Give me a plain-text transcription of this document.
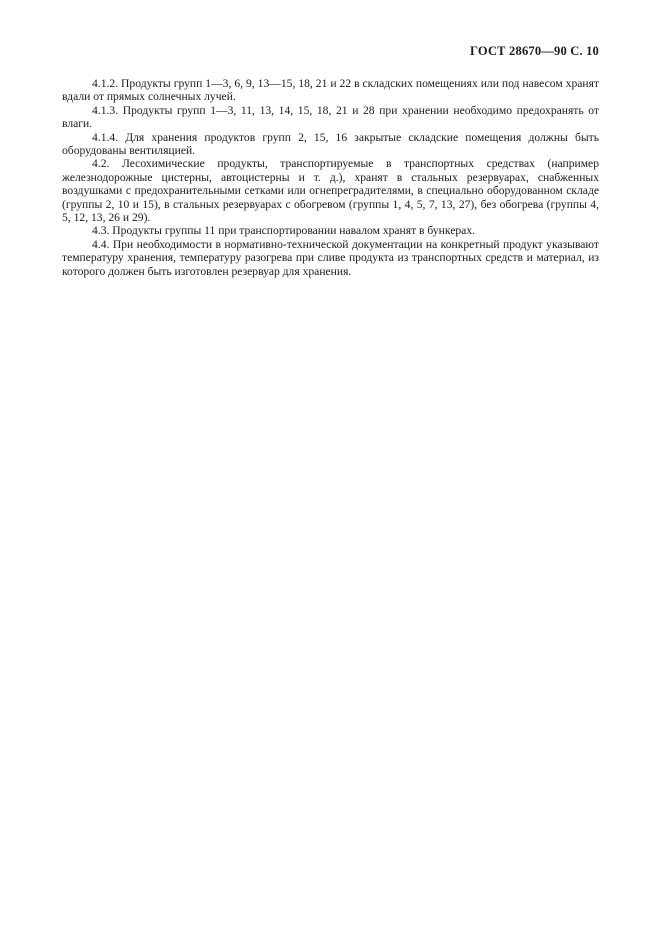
ГОСТ 28670—90 С. 10

4.1.2. Продукты групп 1—3, 6, 9, 13—15, 18, 21 и 22 в складских помещениях или под навесом хранят вдали от прямых солнечных лучей.

4.1.3. Продукты групп 1—3, 11, 13, 14, 15, 18, 21 и 28 при хранении необходимо предохранять от влаги.

4.1.4. Для хранения продуктов групп 2, 15, 16 закрытые складские помещения должны быть оборудованы вентиляцией.

4.2. Лесохимические продукты, транспортируемые в транспортных средствах (например железнодорожные цистерны, автоцистерны и т. д.), хранят в стальных резервуарах, снабженных воздушками с предохранительными сетками или огнепреградителями, в специально оборудованном складе (группы 2, 10 и 15), в стальных резервуарах с обогревом (группы 1, 4, 5, 7, 13, 27), без обогрева (группы 4, 5, 12, 13, 26 и 29).

4.3. Продукты группы 11 при транспортировании навалом хранят в бункерах.

4.4. При необходимости в нормативно-технической документации на конкретный продукт указывают температуру хранения, температуру разогрева при сливе продукта из транспортных средств и материал, из которого должен быть изготовлен резервуар для хранения.
